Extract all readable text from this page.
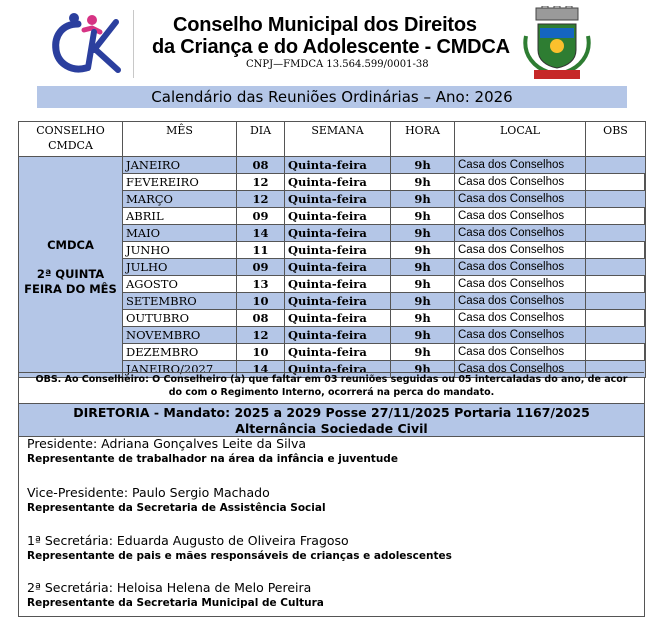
Conselho Municipal dos Direitos
da Criança e do Adolescente - CMDCA
CNPJ—FMDCA 13.564.599/0001-38
Calendário das Reuniões Ordinárias – Ano: 2026
CONSELHO CMDCA	MÊS	DIA	SEMANA	HORA	LOCAL	OBS

CMDCA
2ª QUINTA FEIRA DO MÊS	JANEIRO	08	Quinta-feira	9h	Casa dos Conselhos	
	FEVEREIRO	12	Quinta-feira	9h	Casa dos Conselhos	
	MARÇO	12	Quinta-feira	9h	Casa dos Conselhos	
	ABRIL	09	Quinta-feira	9h	Casa dos Conselhos	
	MAIO	14	Quinta-feira	9h	Casa dos Conselhos	
	JUNHO	11	Quinta-feira	9h	Casa dos Conselhos	
	JULHO	09	Quinta-feira	9h	Casa dos Conselhos	
	AGOSTO	13	Quinta-feira	9h	Casa dos Conselhos	
	SETEMBRO	10	Quinta-feira	9h	Casa dos Conselhos	
	OUTUBRO	08	Quinta-feira	9h	Casa dos Conselhos	
	NOVEMBRO	12	Quinta-feira	9h	Casa dos Conselhos	
	DEZEMBRO	10	Quinta-feira	9h	Casa dos Conselhos	
	JANEIRO/2027	14	Quinta-feira	9h	Casa dos Conselhos	
OBS. Ao Conselheiro: O Conselheiro (a) que faltar em 03 reuniões seguidas ou 05 intercaladas do ano, de acor
do com o Regimento Interno, ocorrerá na perca do mandato.
DIRETORIA - Mandato: 2025 a 2029 Posse 27/11/2025 Portaria 1167/2025
Alternância Sociedade Civil
Presidente: Adriana Gonçalves Leite da Silva
Representante de trabalhador na área da infância e juventude
Vice-Presidente: Paulo Sergio Machado
Representante da Secretaria de Assistência Social
1ª Secretária: Eduarda Augusto de Oliveira Fragoso
Representante de pais e mães responsáveis de crianças e adolescentes
2ª Secretária: Heloisa Helena de Melo Pereira
Representante da Secretaria Municipal de Cultura
